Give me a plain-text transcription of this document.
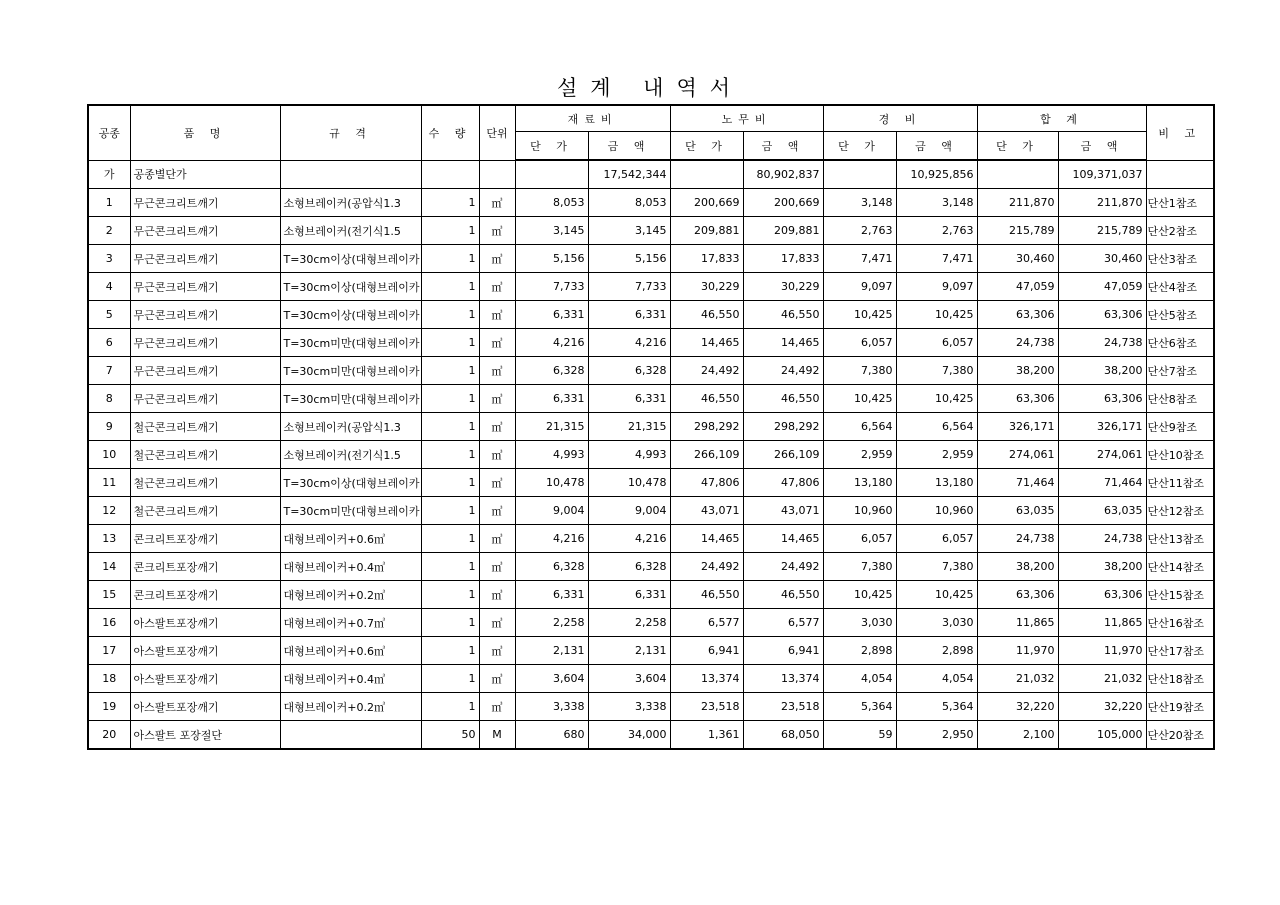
설계 내역서
공종	품 명	규 격	수 량	단위	재료비		노무비		경 비		합 계		비 고
					단 가	금 액	단 가	금 액	단 가	금 액	단 가	금 액	
가	공종별단가					17,542,344		80,902,837		10,925,856		109,371,037	
1	무근콘크리트깨기	소형브레이커(공압식1.3	1	㎥	8,053	8,053	200,669	200,669	3,148	3,148	211,870	211,870	단산1참조
2	무근콘크리트깨기	소형브레이커(전기식1.5	1	㎥	3,145	3,145	209,881	209,881	2,763	2,763	215,789	215,789	단산2참조
3	무근콘크리트깨기	T=30cm이상(대형브레이카	1	㎥	5,156	5,156	17,833	17,833	7,471	7,471	30,460	30,460	단산3참조
4	무근콘크리트깨기	T=30cm이상(대형브레이카	1	㎥	7,733	7,733	30,229	30,229	9,097	9,097	47,059	47,059	단산4참조
5	무근콘크리트깨기	T=30cm이상(대형브레이카	1	㎥	6,331	6,331	46,550	46,550	10,425	10,425	63,306	63,306	단산5참조
6	무근콘크리트깨기	T=30cm미만(대형브레이카	1	㎥	4,216	4,216	14,465	14,465	6,057	6,057	24,738	24,738	단산6참조
7	무근콘크리트깨기	T=30cm미만(대형브레이카	1	㎥	6,328	6,328	24,492	24,492	7,380	7,380	38,200	38,200	단산7참조
8	무근콘크리트깨기	T=30cm미만(대형브레이카	1	㎥	6,331	6,331	46,550	46,550	10,425	10,425	63,306	63,306	단산8참조
9	철근콘크리트깨기	소형브레이커(공압식1.3	1	㎥	21,315	21,315	298,292	298,292	6,564	6,564	326,171	326,171	단산9참조
10	철근콘크리트깨기	소형브레이커(전기식1.5	1	㎥	4,993	4,993	266,109	266,109	2,959	2,959	274,061	274,061	단산10참조
11	철근콘크리트깨기	T=30cm이상(대형브레이카	1	㎥	10,478	10,478	47,806	47,806	13,180	13,180	71,464	71,464	단산11참조
12	철근콘크리트깨기	T=30cm미만(대형브레이카	1	㎥	9,004	9,004	43,071	43,071	10,960	10,960	63,035	63,035	단산12참조
13	콘크리트포장깨기	대형브레이커+0.6㎥	1	㎥	4,216	4,216	14,465	14,465	6,057	6,057	24,738	24,738	단산13참조
14	콘크리트포장깨기	대형브레이커+0.4㎥	1	㎥	6,328	6,328	24,492	24,492	7,380	7,380	38,200	38,200	단산14참조
15	콘크리트포장깨기	대형브레이커+0.2㎥	1	㎥	6,331	6,331	46,550	46,550	10,425	10,425	63,306	63,306	단산15참조
16	아스팔트포장깨기	대형브레이커+0.7㎥	1	㎥	2,258	2,258	6,577	6,577	3,030	3,030	11,865	11,865	단산16참조
17	아스팔트포장깨기	대형브레이커+0.6㎥	1	㎥	2,131	2,131	6,941	6,941	2,898	2,898	11,970	11,970	단산17참조
18	아스팔트포장깨기	대형브레이커+0.4㎥	1	㎥	3,604	3,604	13,374	13,374	4,054	4,054	21,032	21,032	단산18참조
19	아스팔트포장깨기	대형브레이커+0.2㎥	1	㎥	3,338	3,338	23,518	23,518	5,364	5,364	32,220	32,220	단산19참조
20	아스팔트 포장절단		50	M	680	34,000	1,361	68,050	59	2,950	2,100	105,000	단산20참조
